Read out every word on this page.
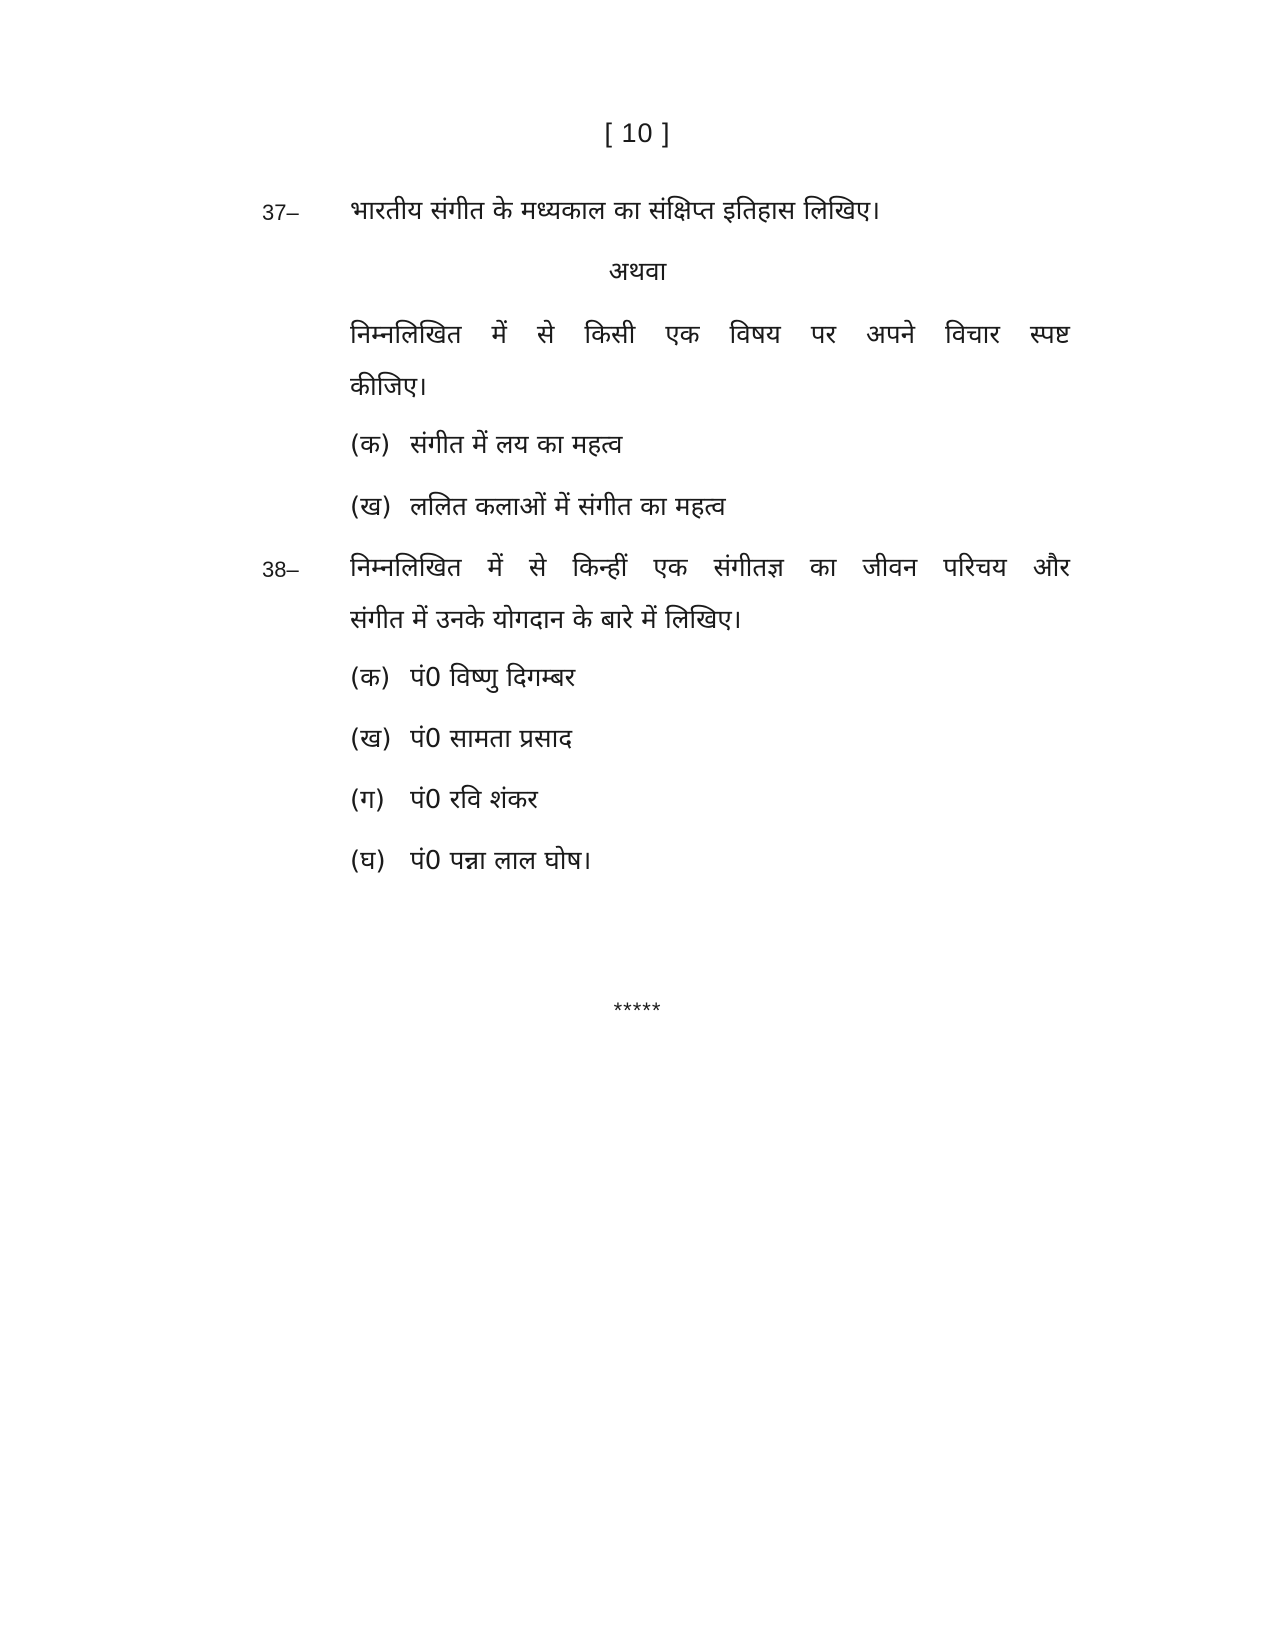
[ 10 ]
37– भारतीय संगीत के मध्यकाल का संक्षिप्त इतिहास लिखिए।
अथवा
निम्नलिखित में से किसी एक विषय पर अपने विचार स्पष्ट
कीजिए।
(क) संगीत में लय का महत्व
(ख) ललित कलाओं में संगीत का महत्व
38– निम्नलिखित में से किन्हीं एक संगीतज्ञ का जीवन परिचय और
संगीत में उनके योगदान के बारे में लिखिए।
(क) पं0 विष्णु दिगम्बर
(ख) पं0 सामता प्रसाद
(ग) पं0 रवि शंकर
(घ) पं0 पन्ना लाल घोष।
*****
